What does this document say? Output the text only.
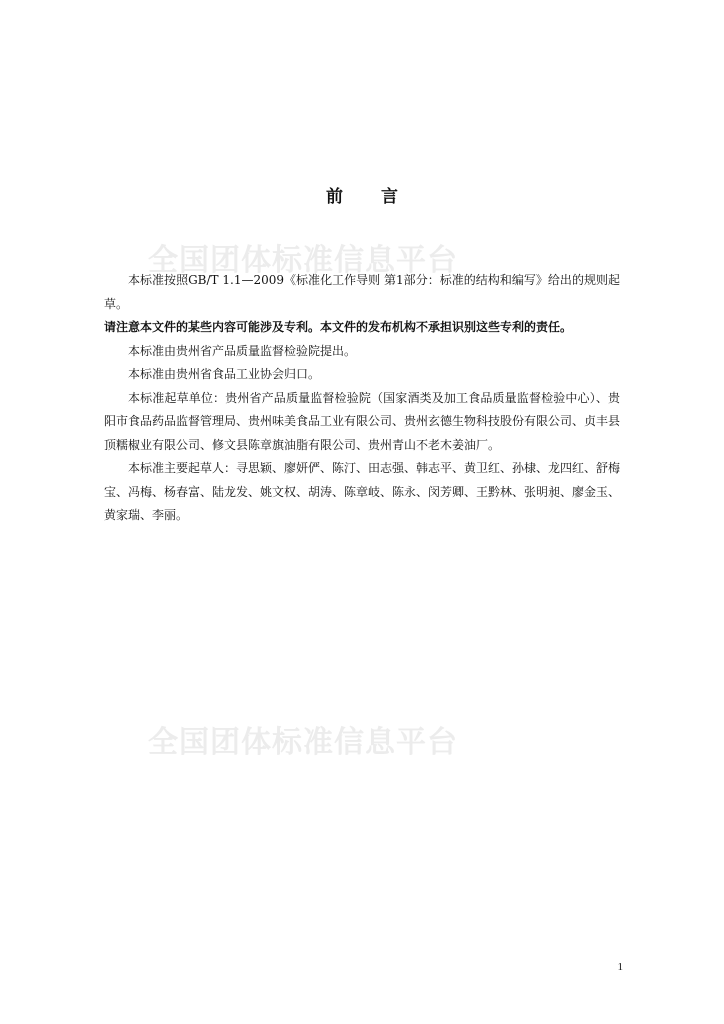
全国团体标准信息平台
全国团体标准信息平台
前言

本标准按照GB/T 1.1—2009《标准化工作导则 第1部分：标准的结构和编写》给出的规则起草。

请注意本文件的某些内容可能涉及专利。本文件的发布机构不承担识别这些专利的责任。

本标准由贵州省产品质量监督检验院提出。

本标准由贵州省食品工业协会归口。

本标准起草单位：贵州省产品质量监督检验院（国家酒类及加工食品质量监督检验中心）、贵阳市食品药品监督管理局、贵州味美食品工业有限公司、贵州玄德生物科技股份有限公司、贞丰县顶糯椒业有限公司、修文县陈章旗油脂有限公司、贵州青山不老木姜油厂。

本标准主要起草人：寻思颖、廖妍俨、陈汀、田志强、韩志平、黄卫红、孙棣、龙四红、舒梅宝、冯梅、杨春富、陆龙发、姚文权、胡涛、陈章岐、陈永、闵芳卿、王黔林、张明昶、廖金玉、黄家瑞、李丽。

1
